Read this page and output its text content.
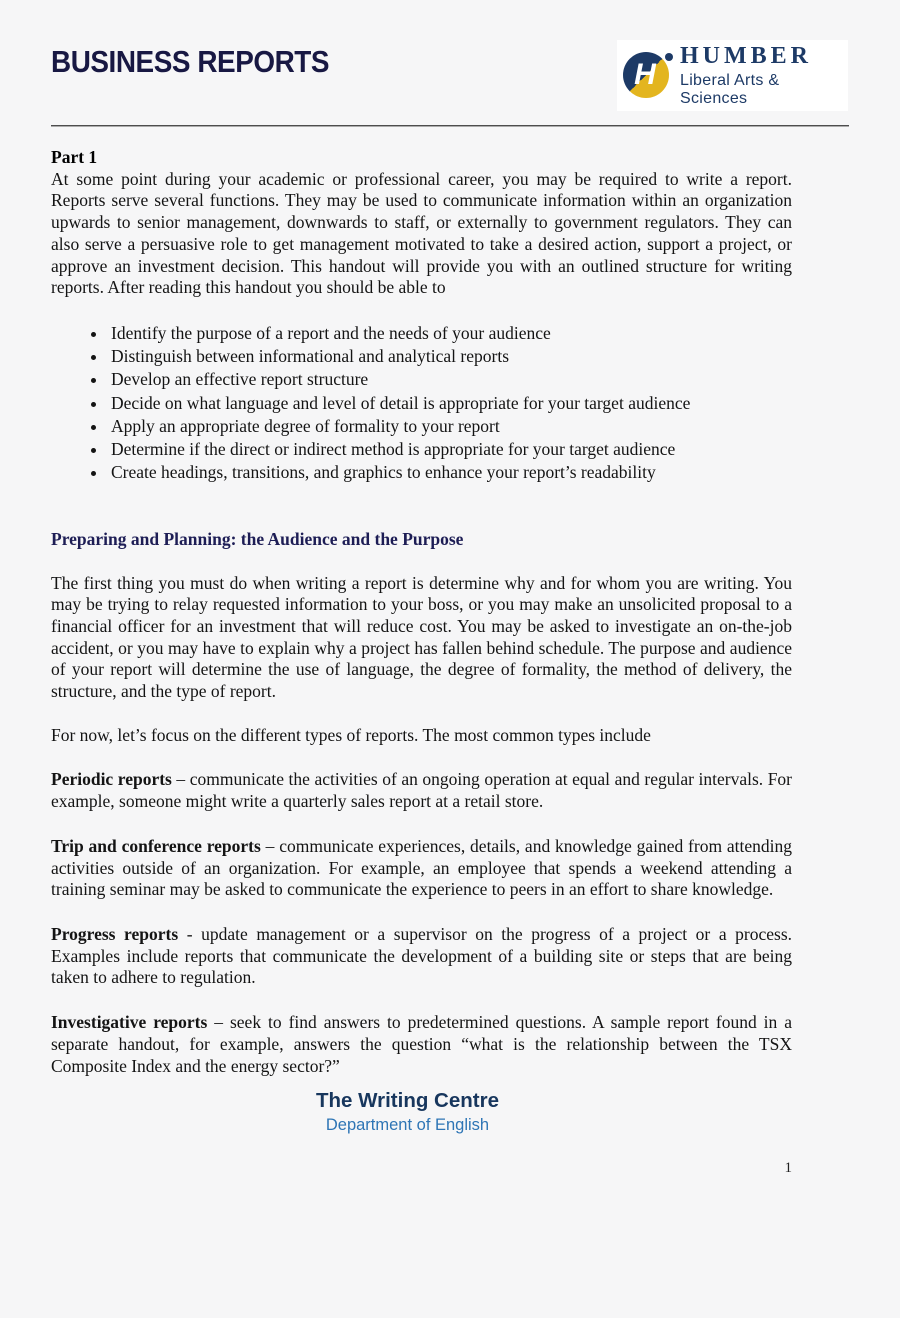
BUSINESS REPORTS	H
HUMBER
Liberal Arts & Sciences
Part 1

At some point during your academic or professional career, you may be required to write a report. Reports serve several functions. They may be used to communicate information within an organization upwards to senior management, downwards to staff, or externally to government regulators. They can also serve a persuasive role to get management motivated to take a desired action, support a project, or approve an investment decision. This handout will provide you with an outlined structure for writing reports. After reading this handout you should be able to

• Identify the purpose of a report and the needs of your audience
• Distinguish between informational and analytical reports
• Develop an effective report structure
• Decide on what language and level of detail is appropriate for your target audience
• Apply an appropriate degree of formality to your report
• Determine if the direct or indirect method is appropriate for your target audience
• Create headings, transitions, and graphics to enhance your report’s readability
Preparing and Planning: the Audience and the Purpose

The first thing you must do when writing a report is determine why and for whom you are writing. You may be trying to relay requested information to your boss, or you may make an unsolicited proposal to a financial officer for an investment that will reduce cost. You may be asked to investigate an on-the-job accident, or you may have to explain why a project has fallen behind schedule. The purpose and audience of your report will determine the use of language, the degree of formality, the method of delivery, the structure, and the type of report.

For now, let’s focus on the different types of reports. The most common types include

Periodic reports – communicate the activities of an ongoing operation at equal and regular intervals. For example, someone might write a quarterly sales report at a retail store.

Trip and conference reports – communicate experiences, details, and knowledge gained from attending activities outside of an organization. For example, an employee that spends a weekend attending a training seminar may be asked to communicate the experience to peers in an effort to share knowledge.

Progress reports - update management or a supervisor on the progress of a project or a process. Examples include reports that communicate the development of a building site or steps that are being taken to adhere to regulation.

Investigative reports – seek to find answers to predetermined questions. A sample report found in a separate handout, for example, answers the question “what is the relationship between the TSX Composite Index and the energy sector?”

The Writing Centre
Department of English
1
